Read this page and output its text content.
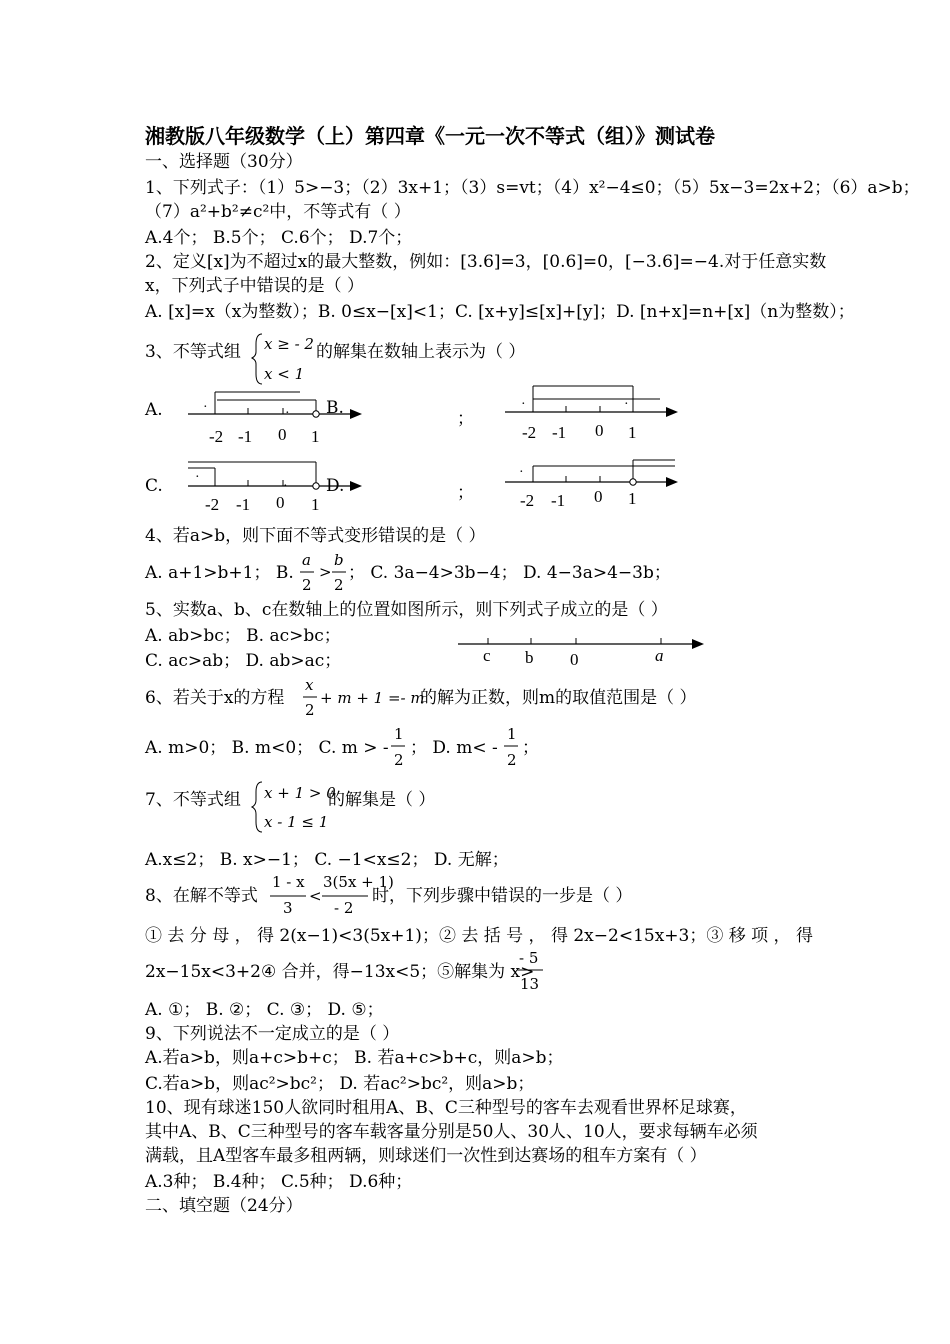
湘教版八年级数学（上）第四章《一元一次不等式（组）》测试卷
一、选择题（30分）
1、下列式子：（1）5>−3；（2）3x+1；（3）s=vt；（4）x²−4≤0；（5）5x−3=2x+2；（6）a>b；
（7）a²+b²≠c²中，不等式有（ ）
A.4个； B.5个； C.6个； D.7个；
2、定义[x]为不超过x的最大整数，例如：[3.6]=3，[0.6]=0，[−3.6]=−4.对于任意实数
x，下列式子中错误的是（ ）
A. [x]=x（x为整数）；B. 0≤x−[x]<1；C. [x+y]≤[x]+[y]；D. [n+x]=n+[x]（n为整数）；
3、不等式组 x ≥ - 2
x < 1
的解集在数轴上表示为（ ）
A.	B.
；
C.	D.	；
-2 -1 0 1
·	·
·	·
-2 -1 0 1
·
·
-2 -1 0 1
·
-2 -1 0 1
c b 0	a
4、若a>b，则下面不等式变形错误的是（ ）
A. a+1>b+1； B.
a
2
>
b
2
； C. 3a−4>3b−4； D. 4−3a>4−3b；
5、实数a、b、c在数轴上的位置如图所示，则下列式子成立的是（ ）
A. ab>bc； B. ac>bc；
C. ac>ab； D. ab>ac；
6、若关于x的方程
x
2
+ m + 1 =- m
的解为正数，则m的取值范围是（ ）
A. m>0； B. m<0； C. m > -
1
2
； D. m< -
1
2
；
7、不等式组 x + 1 > 0
x - 1 ≤ 1
的解集是（ ）
A.x≤2； B. x>−1； C. −1<x≤2； D. 无解；
8、在解不等式
1 - x
3
<
3(5x + 1)
- 2
时，下列步骤中错误的一步是（ ）
① 去 分 母 ， 得 2(x−1)<3(5x+1)；② 去 括 号 ， 得 2x−2<15x+3；③ 移 项 ， 得
2x−15x<3+2④ 合并，得−13x<5；⑤解集为 x>
- 5
13
A. ①； B. ②； C. ③； D. ⑤；
9、下列说法不一定成立的是（ ）
A.若a>b，则a+c>b+c； B. 若a+c>b+c，则a>b；
C.若a>b，则ac²>bc²； D. 若ac²>bc²，则a>b；
10、现有球迷150人欲同时租用A、B、C三种型号的客车去观看世界杯足球赛，
其中A、B、C三种型号的客车载客量分别是50人、30人、10人，要求每辆车必须
满载，且A型客车最多租两辆，则球迷们一次性到达赛场的租车方案有（ ）
A.3种； B.4种； C.5种； D.6种；
二、填空题（24分）
